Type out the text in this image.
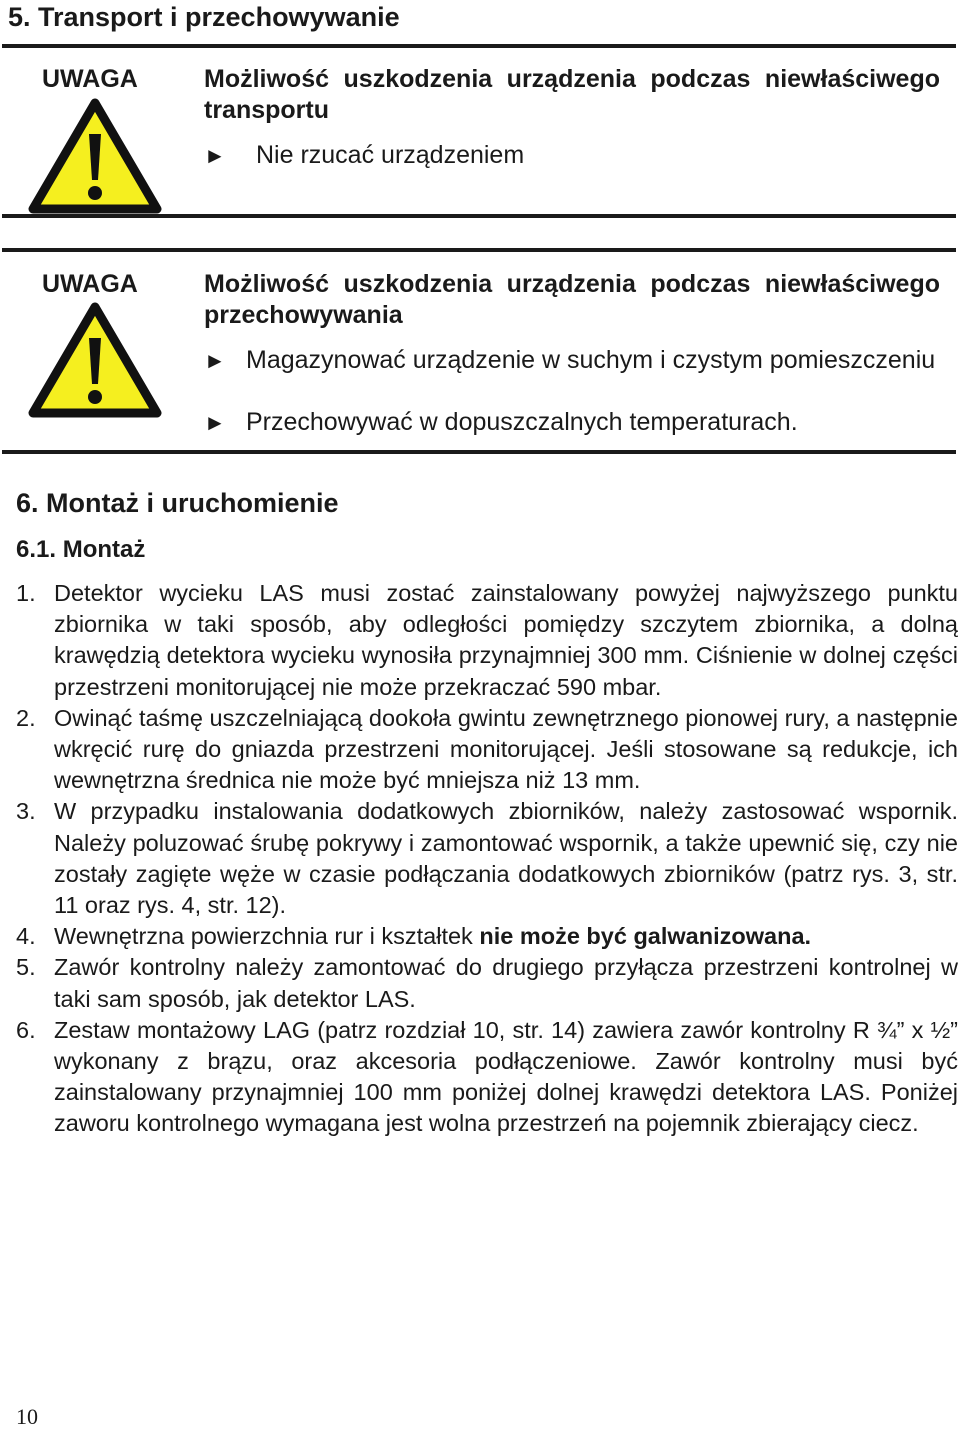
5. Transport i przechowywanie
UWAGA	Możliwość uszkodzenia urządzenia podczas niewłaściwego transportu
►	Nie rzucać urządzeniem
UWAGA	Możliwość uszkodzenia urządzenia podczas niewłaściwego przechowywania
► Magazynować urządzenie w suchym i czystym pomieszczeniu
► Przechowywać w dopuszczalnych temperaturach.
6. Montaż i uruchomienie
6.1. Montaż
1. Detektor wycieku LAS musi zostać zainstalowany powyżej najwyższego punktu zbiornika w taki sposób, aby odległości pomiędzy szczytem zbiornika, a dolną krawędzią detektora wycieku wynosiła przynajmniej 300 mm. Ciśnienie w dolnej części przestrzeni monitorującej nie może przekraczać 590 mbar.
2. Owinąć taśmę uszczelniającą dookoła gwintu zewnętrznego pionowej rury, a następnie wkręcić rurę do gniazda przestrzeni monitorującej. Jeśli stosowane są redukcje, ich wewnętrzna średnica nie może być mniejsza niż 13 mm.
3. W przypadku instalowania dodatkowych zbiorników, należy zastosować wspornik. Należy poluzować śrubę pokrywy i zamontować wspornik, a także upewnić się, czy nie zostały zagięte węże w czasie podłączania dodatkowych zbiorników (patrz rys. 3, str. 11 oraz rys. 4, str. 12).
4. Wewnętrzna powierzchnia rur i kształtek nie może być galwanizowana.
5. Zawór kontrolny należy zamontować do drugiego przyłącza przestrzeni kontrolnej w taki sam sposób, jak detektor LAS.
6. Zestaw montażowy LAG (patrz rozdział 10, str. 14) zawiera zawór kontrolny R ¾” x ½” wykonany z brązu, oraz akcesoria podłączeniowe. Zawór kontrolny musi być zainstalowany przynajmniej 100 mm poniżej dolnej krawędzi detektora LAS. Poniżej zaworu kontrolnego wymagana jest wolna przestrzeń na pojemnik zbierający ciecz.
10
